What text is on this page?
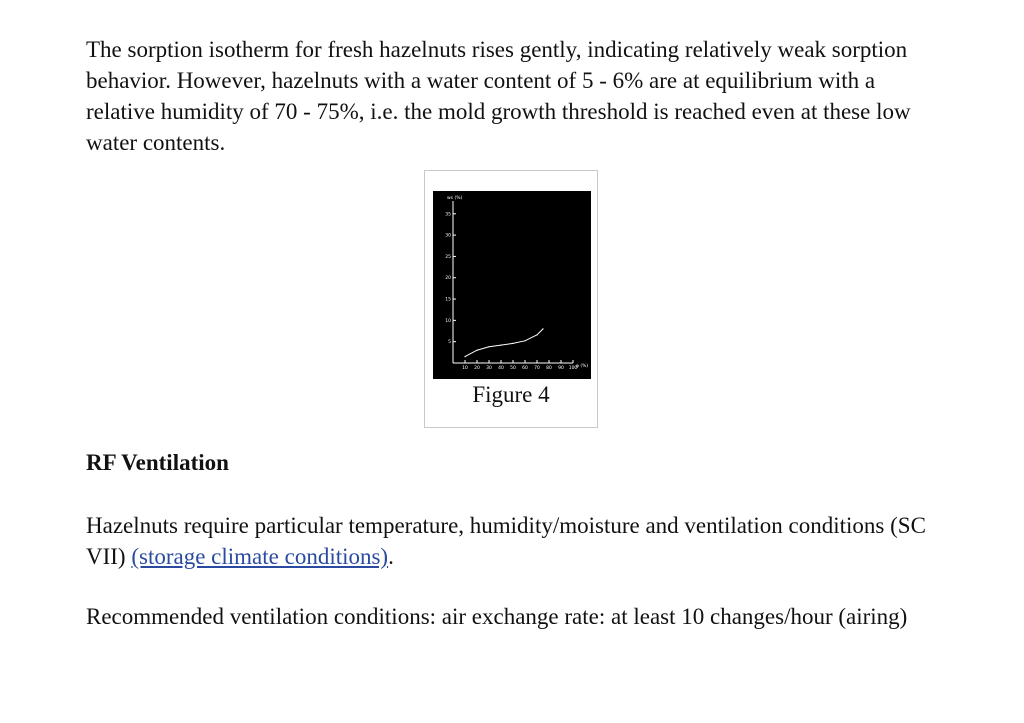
The sorption isotherm for fresh hazelnuts rises gently, indicating relatively weak sorption behavior. However, hazelnuts with a water content of 5 - 6% are at equilibrium with a relative humidity of 70 - 75%, i.e. the mold growth threshold is reached even at these low water contents.

ws (%)
φ (%)
35
30
25
20
15
10
5
10 20 30 40 50 60 70 80 90 100
Figure 4
RF Ventilation

Hazelnuts require particular temperature, humidity/moisture and ventilation conditions (SC VII) (storage climate conditions).

Recommended ventilation conditions: air exchange rate: at least 10 changes/hour (airing)
